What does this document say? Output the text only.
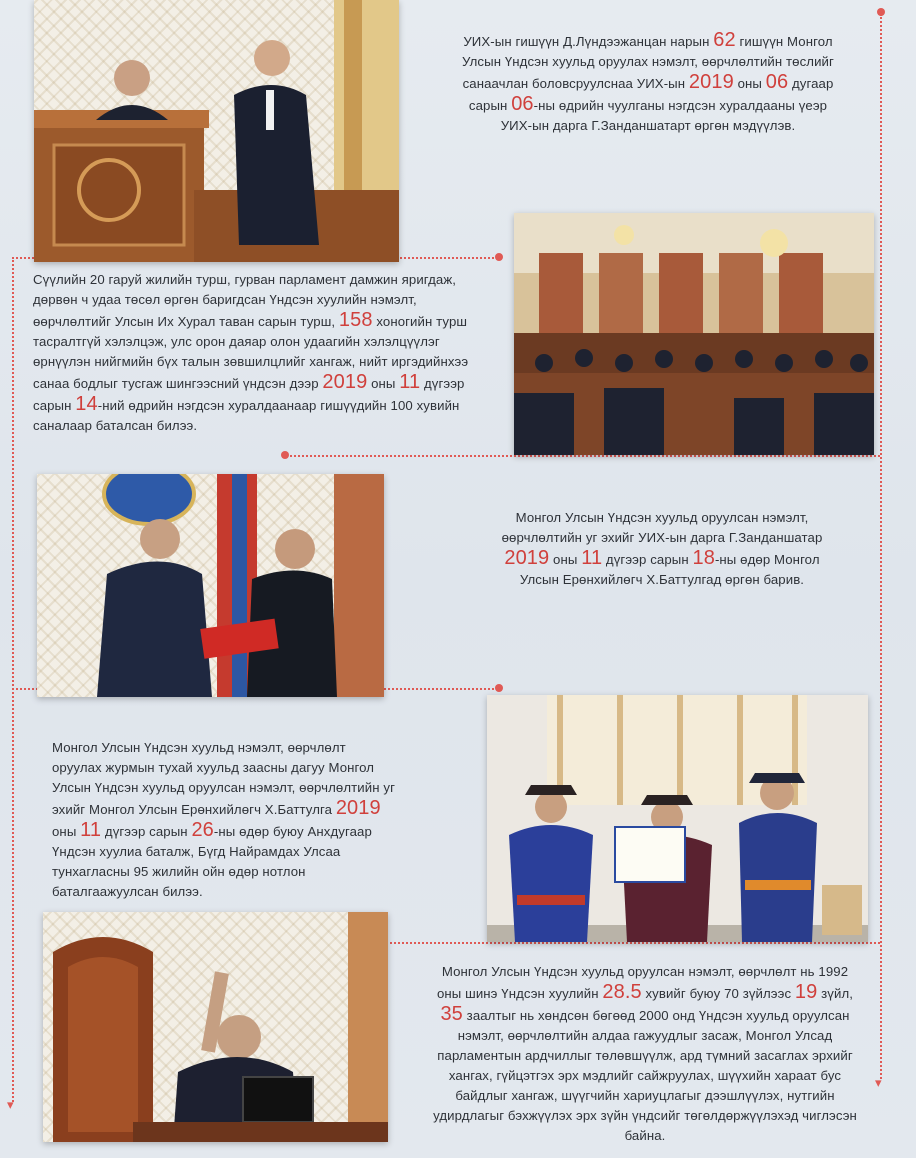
▾
▾
УИХ-ын гишүүн Д.Лүндээжанцан нарын 62 гишүүн Монгол Улсын Үндсэн хуульд оруулах нэмэлт, өөрчлөлтийн төслийг санаачлан боловсруулснаа УИХ-ын 2019 оны 06 дугаар сарын 06-ны өдрийн чуулганы нэгдсэн хуралдааны үеэр УИХ-ын дарга Г.Занданшатарт өргөн мэдүүлэв.
Сүүлийн 20 гаруй жилийн турш, гурван парламент дамжин яригдаж, дөрвөн ч удаа төсөл өргөн баригдсан Үндсэн хуулийн нэмэлт, өөрчлөлтийг Улсын Их Хурал таван сарын турш, 158 хоногийн турш тасралтгүй хэлэлцэж, улс орон даяар олон удаагийн хэлэлцүүлэг өрнүүлэн нийгмийн бүх талын зөвшилцлийг хангаж, нийт иргэдийнхээ санаа бодлыг тусгаж шингээсний үндсэн дээр 2019 оны 11 дүгээр сарын 14-ний өдрийн нэгдсэн хуралдаанаар гишүүдийн 100 хувийн саналаар баталсан билээ.
Монгол Улсын Үндсэн хуульд оруулсан нэмэлт, өөрчлөлтийн уг эхийг УИХ-ын дарга Г.Занданшатар 2019 оны 11 дүгээр сарын 18-ны өдөр Монгол Улсын Ерөнхийлөгч Х.Баттулгад өргөн барив.
Монгол Улсын Үндсэн хуульд нэмэлт, өөрчлөлт оруулах журмын тухай хуульд заасны дагуу Монгол Улсын Үндсэн хуульд оруулсан нэмэлт, өөрчлөлтийн уг эхийг Монгол Улсын Ерөнхийлөгч Х.Баттулга 2019 оны 11 дүгээр сарын 26-ны өдөр буюу Анхдугаар Үндсэн хуулиа баталж, Бүгд Найрамдах Улсаа тунхагласны 95 жилийн ойн өдөр нотлон баталгаажуулсан билээ.
Монгол Улсын Үндсэн хуульд оруулсан нэмэлт, өөрчлөлт нь 1992 оны шинэ Үндсэн хуулийн 28.5 хувийг буюу 70 зүйлээс 19 зүйл, 35 заалтыг нь хөндсөн бөгөөд 2000 онд Үндсэн хуульд оруулсан нэмэлт, өөрчлөлтийн алдаа гажуудлыг засаж, Монгол Улсад парламентын ардчиллыг төлөвшүүлж, ард түмний засаглах эрхийг хангах, гүйцэтгэх эрх мэдлийг сайжруулах, шүүхийн хараат бус байдлыг хангаж, шүүгчийн хариуцлагыг дээшлүүлэх, нутгийн удирдлагыг бэхжүүлэх эрх зүйн үндсийг төгөлдөржүүлэхэд чиглэсэн байна.
